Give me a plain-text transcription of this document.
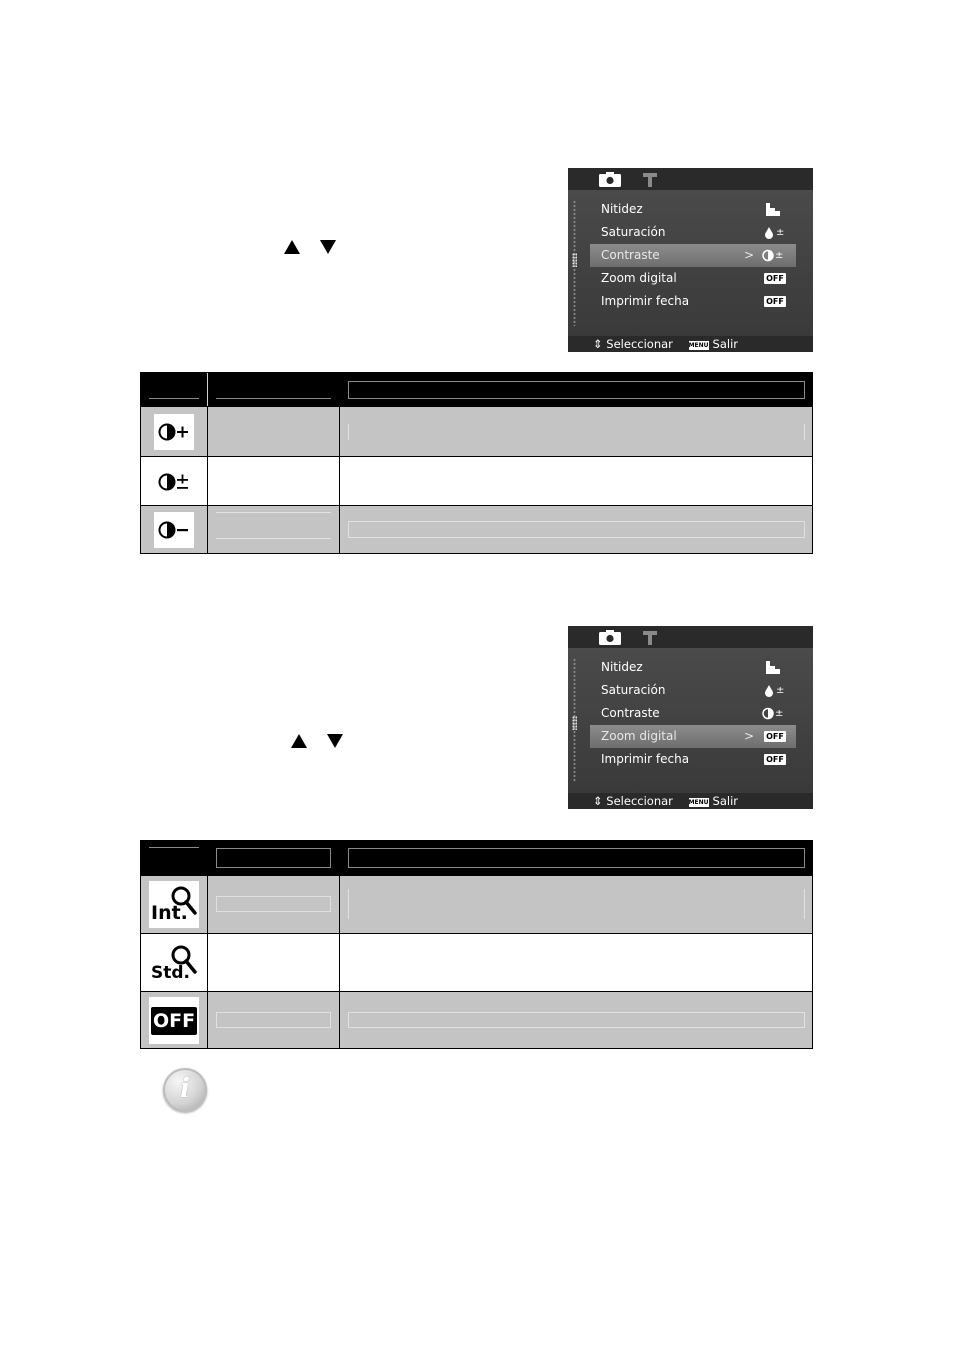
Nitidez
Saturación	±
Contraste	> ±
Zoom digital	OFF
Imprimir fecha	OFF
⇕ Seleccionar	MENU Salir
Nitidez
Saturación	±
Contraste	±
Zoom digital	> OFF
Imprimir fecha	OFF
⇕ Seleccionar	MENU Salir
Int.
Std.
OFF
i
